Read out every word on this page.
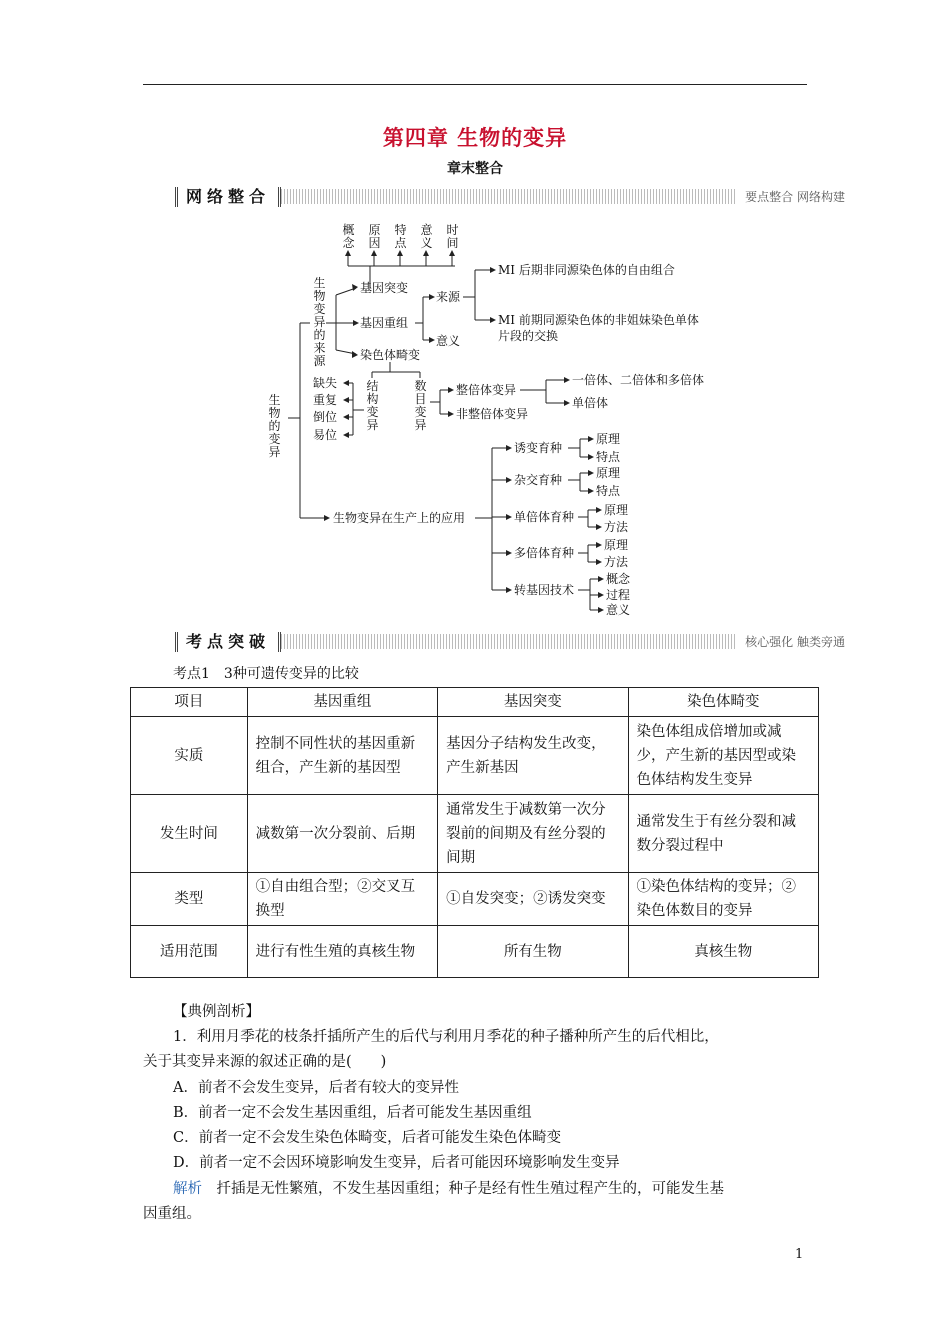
第四章 生物的变异
章末整合
网络整合	要点整合 网络构建
生物的变异
生物变异的来源
概念
原因
特点
意义
时间
基因突变
基因重组
染色体畸变
来源
意义
MI 后期非同源染色体的自由组合
MI 前期同源染色体的非姐妹染色单体
片段的交换
结构变异
数目变异
缺失
重复
倒位
易位
整倍体变异
非整倍体变异
一倍体、二倍体和多倍体
单倍体
生物变异在生产上的应用
诱变育种
杂交育种
单倍体育种
多倍体育种
转基因技术
原理
特点
原理
特点
原理
方法
原理
方法
概念
过程
意义
考点突破	核心强化 触类旁通
考点1　3种可遗传变异的比较
项目	基因重组	基因突变	染色体畸变
实质	控制不同性状的基因重新组合，产生新的基因型	基因分子结构发生改变，产生新基因	染色体组成倍增加或减少，产生新的基因型或染色体结构发生变异
发生时间	减数第一次分裂前、后期	通常发生于减数第一次分裂前的间期及有丝分裂的间期	通常发生于有丝分裂和减数分裂过程中
类型	①自由组合型；②交叉互换型	①自发突变；②诱发突变	①染色体结构的变异；②染色体数目的变异
适用范围	进行有性生殖的真核生物	所有生物	真核生物
【典例剖析】
1．利用月季花的枝条扦插所产生的后代与利用月季花的种子播种所产生的后代相比，
关于其变异来源的叙述正确的是(　　)
A．前者不会发生变异，后者有较大的变异性
B．前者一定不会发生基因重组，后者可能发生基因重组
C．前者一定不会发生染色体畸变，后者可能发生染色体畸变
D．前者一定不会因环境影响发生变异，后者可能因环境影响发生变异
解析　扦插是无性繁殖，不发生基因重组；种子是经有性生殖过程产生的，可能发生基
因重组。
1
